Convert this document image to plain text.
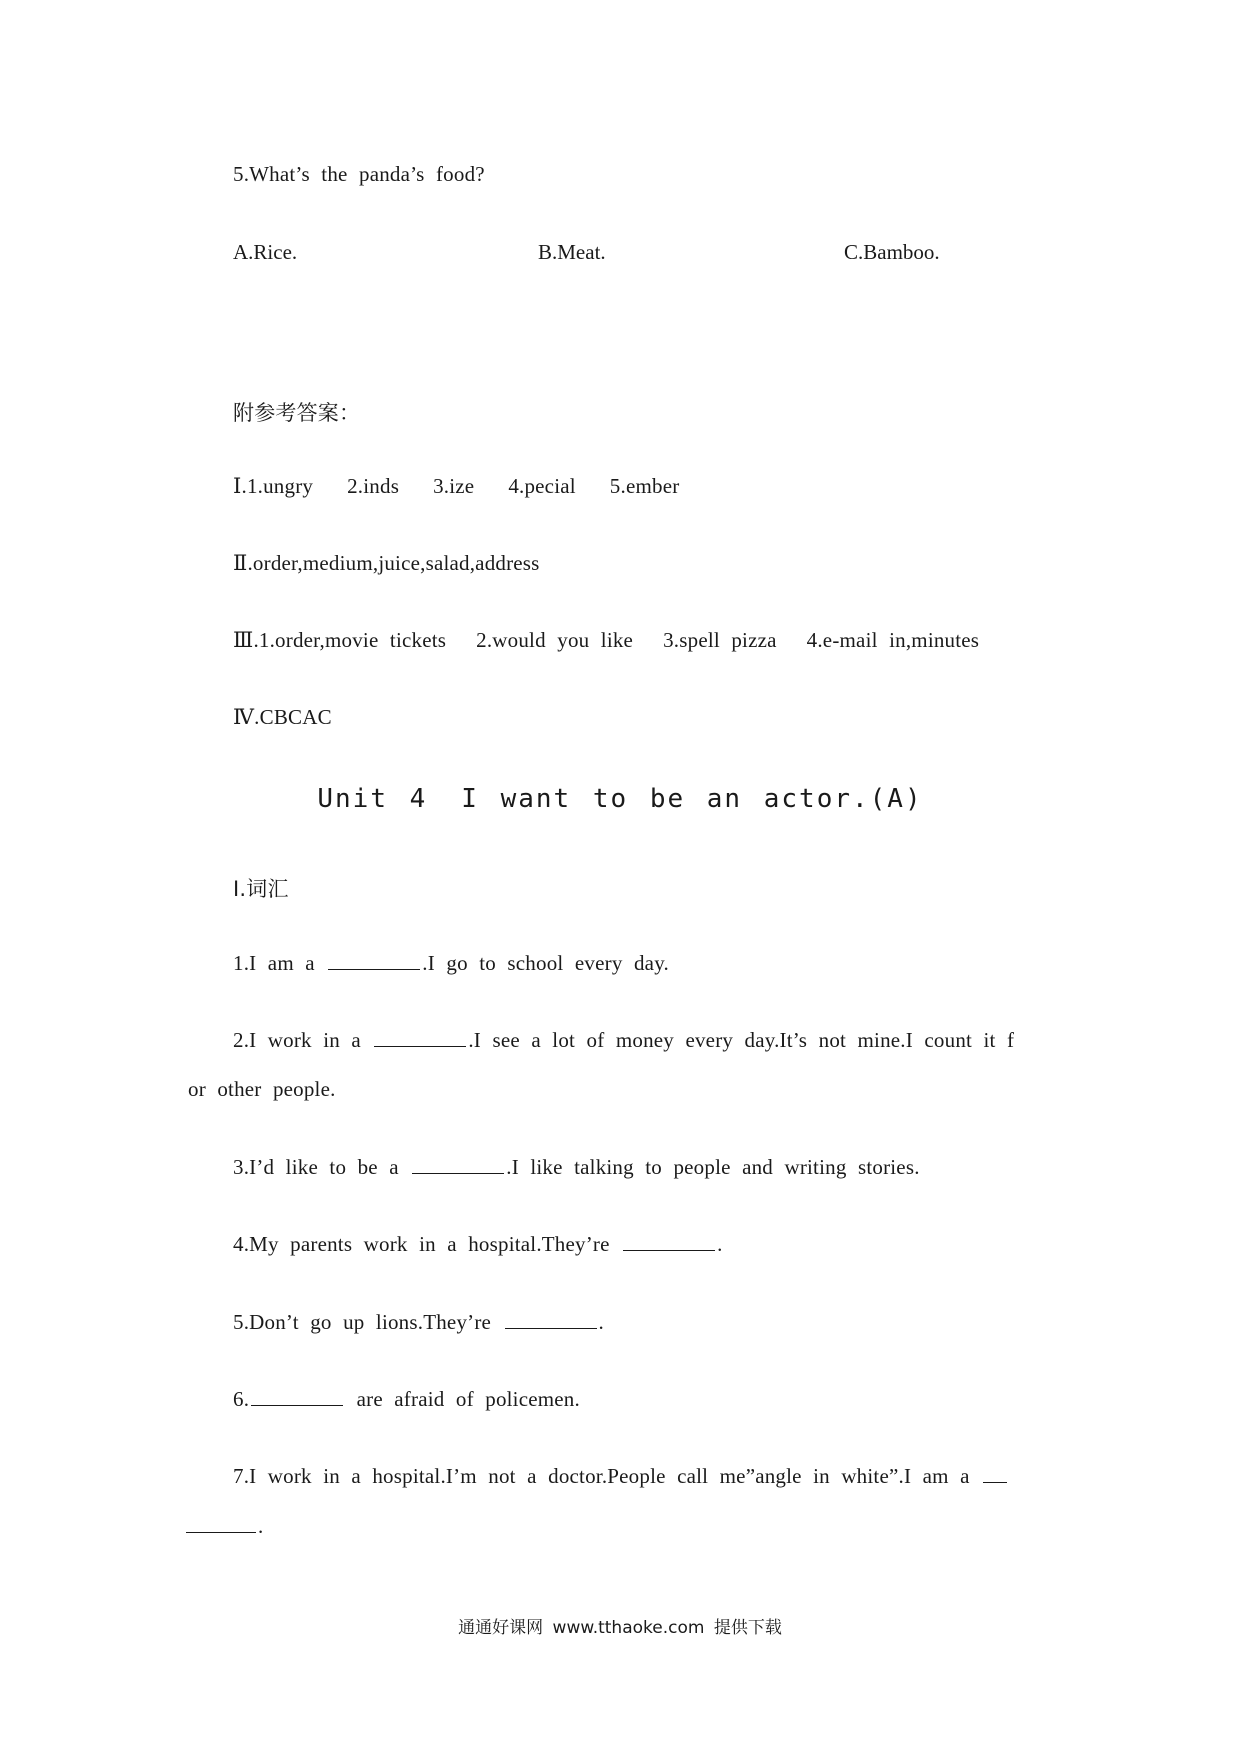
5.What’s the panda’s food?
A.Rice.	B.Meat.	C.Bamboo.
附参考答案：
Ⅰ.1.ungry 2.inds 3.ize 4.pecial 5.ember
Ⅱ.order,medium,juice,salad,address
Ⅲ.1.order,movie tickets 2.would you like 3.spell pizza 4.e-mail in,minutes
Ⅳ.CBCAC
Unit 4 I want to be an actor.(A)
Ⅰ.词汇
1.I am a	.I go to school every day.
2.I work in a	.I see a lot of money every day.It’s not mine.I count it f
or other people.
3.I’d like to be a	.I like talking to people and writing stories.
4.My parents work in a hospital.They’re	.
5.Don’t go up lions.They’re	.
6.	are afraid of policemen.
7.I work in a hospital.I’m not a doctor.People call me”angle in white”.I am a
.
通通好课网 www.tthaoke.com 提供下载
